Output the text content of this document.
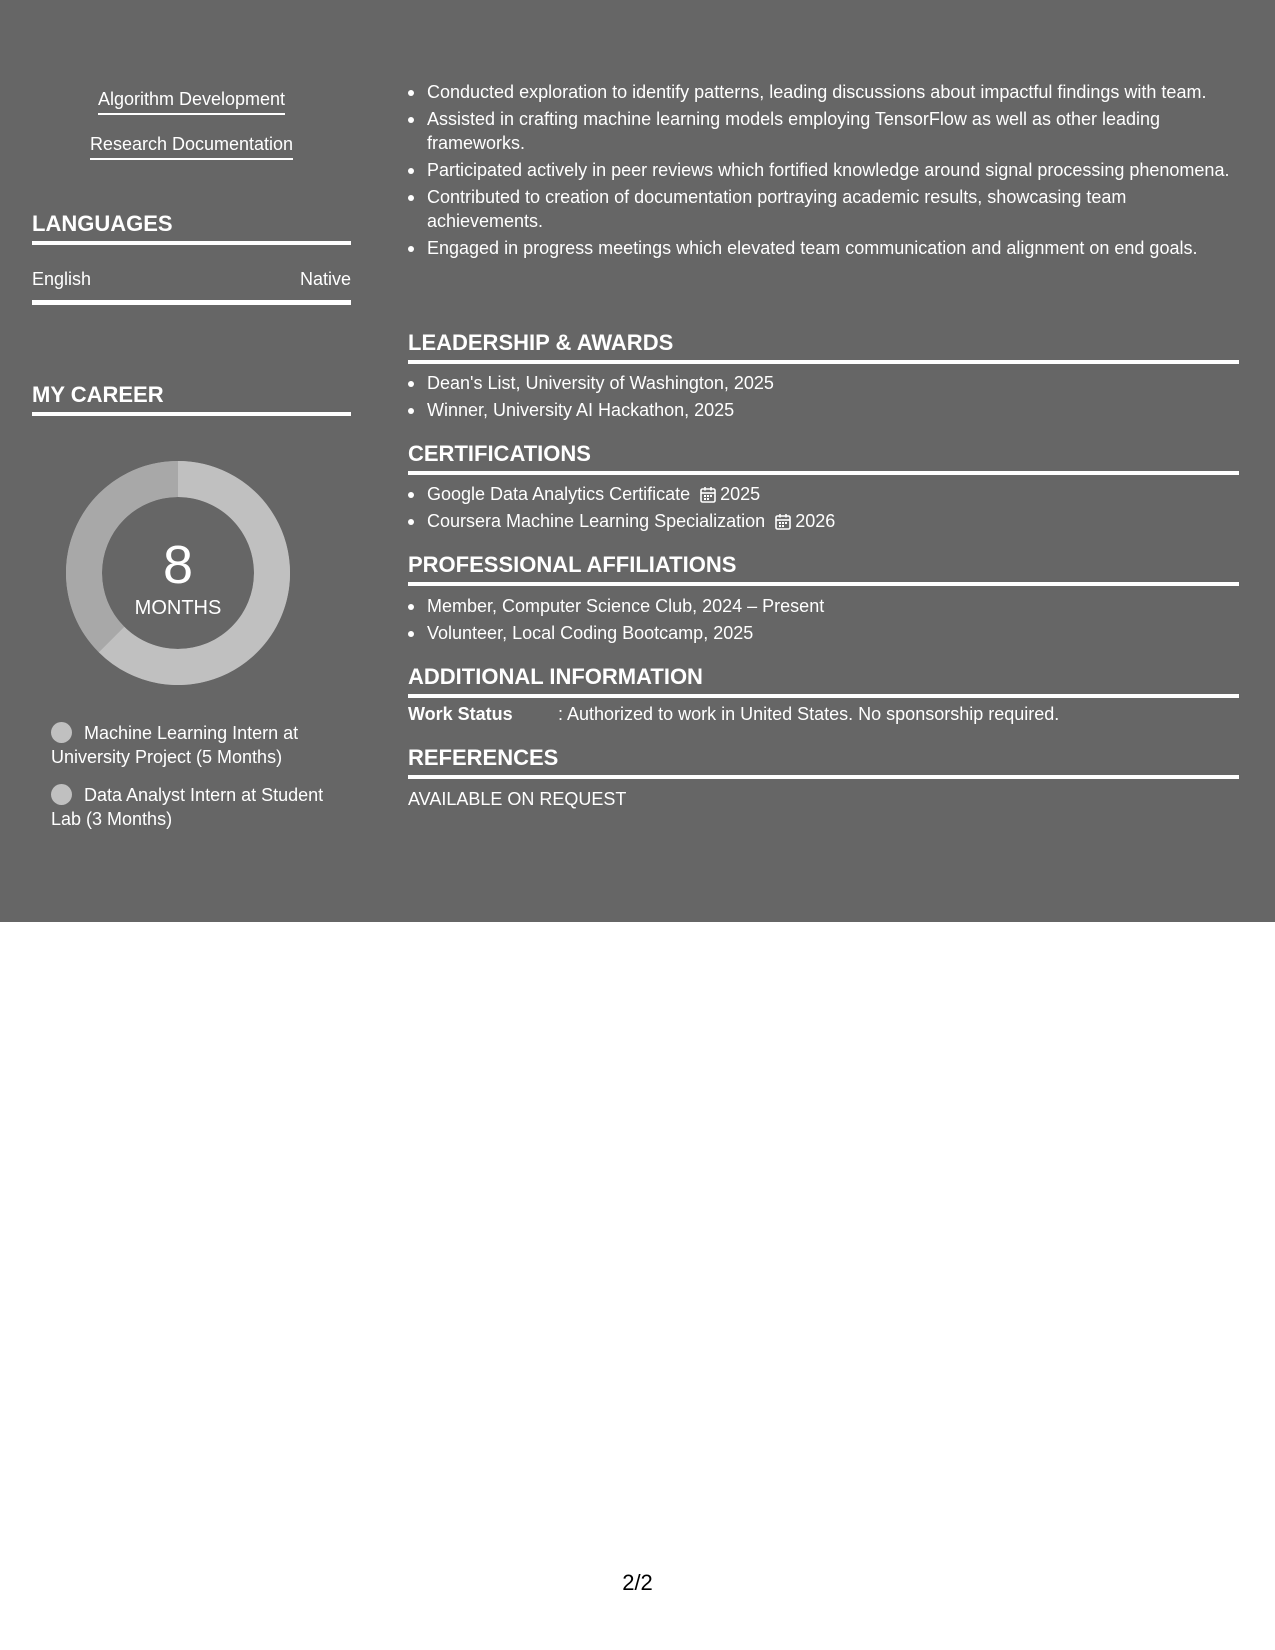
Algorithm Development
Research Documentation
LANGUAGES
English	Native
MY CAREER
8
MONTHS
Machine Learning Intern at University Project (5 Months)
Data Analyst Intern at Student Lab (3 Months)
Conducted exploration to identify patterns, leading discussions about impactful findings with team.
Assisted in crafting machine learning models employing TensorFlow as well as other leading frameworks.
Participated actively in peer reviews which fortified knowledge around signal processing phenomena.
Contributed to creation of documentation portraying academic results, showcasing team achievements.
Engaged in progress meetings which elevated team communication and alignment on end goals.
LEADERSHIP & AWARDS
Dean's List, University of Washington, 2025
Winner, University AI Hackathon, 2025
CERTIFICATIONS
Google Data Analytics Certificate 2025
Coursera Machine Learning Specialization 2026
PROFESSIONAL AFFILIATIONS
Member, Computer Science Club, 2024 – Present
Volunteer, Local Coding Bootcamp, 2025
ADDITIONAL INFORMATION
Work Status	: Authorized to work in United States. No sponsorship required.
REFERENCES
AVAILABLE ON REQUEST
2/2
